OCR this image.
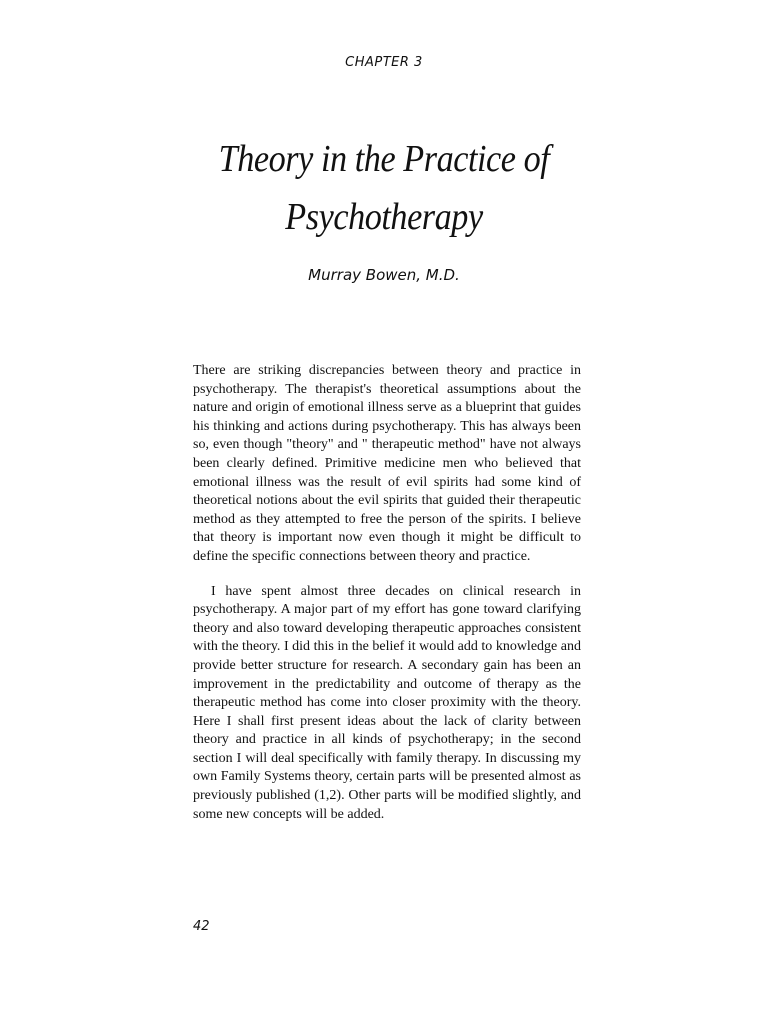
CHAPTER 3
Theory in the Practice of
Psychotherapy
Murray Bowen, M.D.

There are striking discrepancies between theory and practice in psychotherapy. The therapist's theoretical assumptions about the nature and origin of emotional illness serve as a blueprint that guides his thinking and actions during psychotherapy. This has always been so, even though "theory" and " therapeutic method" have not always been clearly defined. Primitive medicine men who believed that emotional illness was the result of evil spirits had some kind of theoretical notions about the evil spirits that guided their therapeutic method as they attempted to free the person of the spirits. I believe that theory is important now even though it might be difficult to define the specific connections between theory and practice.

I have spent almost three decades on clinical research in psychotherapy. A major part of my effort has gone toward clarifying theory and also toward developing therapeutic approaches consistent with the theory. I did this in the belief it would add to knowledge and provide better structure for research. A secondary gain has been an improvement in the predictability and outcome of therapy as the therapeutic method has come into closer proximity with the theory. Here I shall first present ideas about the lack of clarity between theory and practice in all kinds of psychotherapy; in the second section I will deal specifically with family therapy. In discussing my own Family Systems theory, certain parts will be presented almost as previously published (1,2). Other parts will be modified slightly, and some new concepts will be added.

42
